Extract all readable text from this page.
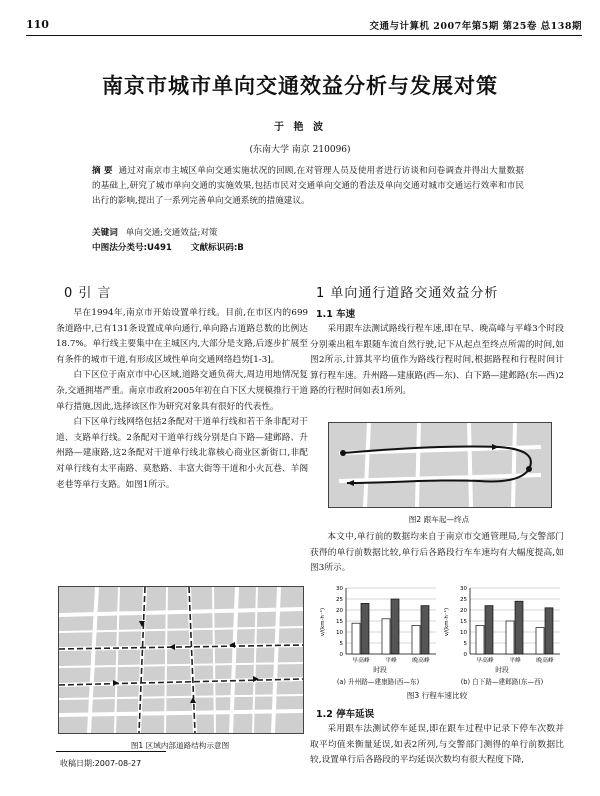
110	交通与计算机 2007年第5期 第25卷 总138期
南京市城市单向交通效益分析与发展对策
于 艳 波
(东南大学 南京 210096)
摘 要 通过对南京市主城区单向交通实施状况的回顾,在对管理人员及使用者进行访谈和问卷调查并得出大量数据的基础上,研究了城市单向交通的实施效果,包括市民对交通单向交通的看法及单向交通对城市交通运行效率和市民出行的影响,提出了一系列完善单向交通系统的措施建议。
关键词 单向交通;交通效益;对策
中图法分类号:U491 文献标识码:B
0 引 言

早在1994年,南京市开始设置单行线。目前,在市区内的699条道路中,已有131条设置成单向通行,单向路占道路总数的比例达18.7%。单行线主要集中在主城区内,大部分是支路,后逐步扩展至有条件的城市干道,有形成区域性单向交通网络趋势[1-3]。

白下区位于南京市中心区域,道路交通负荷大,周边用地情况复杂,交通拥堵严重。南京市政府2005年初在白下区大规模推行干道单行措施,因此,选择该区作为研究对象具有很好的代表性。

白下区单行线网络包括2条配对干道单行线和若干条非配对干道、支路单行线。2条配对干道单行线分别是白下路—建邺路、升州路—建康路,这2条配对干道单行线北靠核心商业区新街口,非配对单行线有太平南路、莫愁路、丰富大街等干道和小火瓦巷、羊阁老巷等单行支路。如图1所示。

图1 区域内部道路结构示意图
收稿日期:2007-08-27
1 单向通行道路交通效益分析
1.1 车速

采用跟车法测试路线行程车速,即在早、晚高峰与平峰3个时段分别乘出租车跟随车流自然行驶,记下从起点至终点所需的时间,如图2所示,计算其平均值作为路线行程时间,根据路程和行程时间计算行程车速。升州路—建康路(西—东)、白下路—建邺路(东—西)2路的行程时间如表1所列。

图2 跟车起—终点

本文中,单行前的数据均来自于南京市交通管理局,与交警部门获得的单行前数据比较,单行后各路段行车车速均有大幅度提高,如图3所示。

v/(km·h⁻¹)
0
5
10
15
20
25
30
早高峰	平峰	晚高峰
v/(km·h⁻¹)
0
5
10
15
20
25
30
早高峰	平峰	晚高峰
时段
(a) 升州路—建康路(西—东)
时段
(b) 白下路—建邺路(东—西)
图3 行程车速比较
1.2 停车延误

采用跟车法测试停车延误,即在跟车过程中记录下停车次数并取平均值来衡量延误,如表2所列,与交警部门测得的单行前数据比较,设置单行后各路段的平均延误次数均有很大程度下降,
